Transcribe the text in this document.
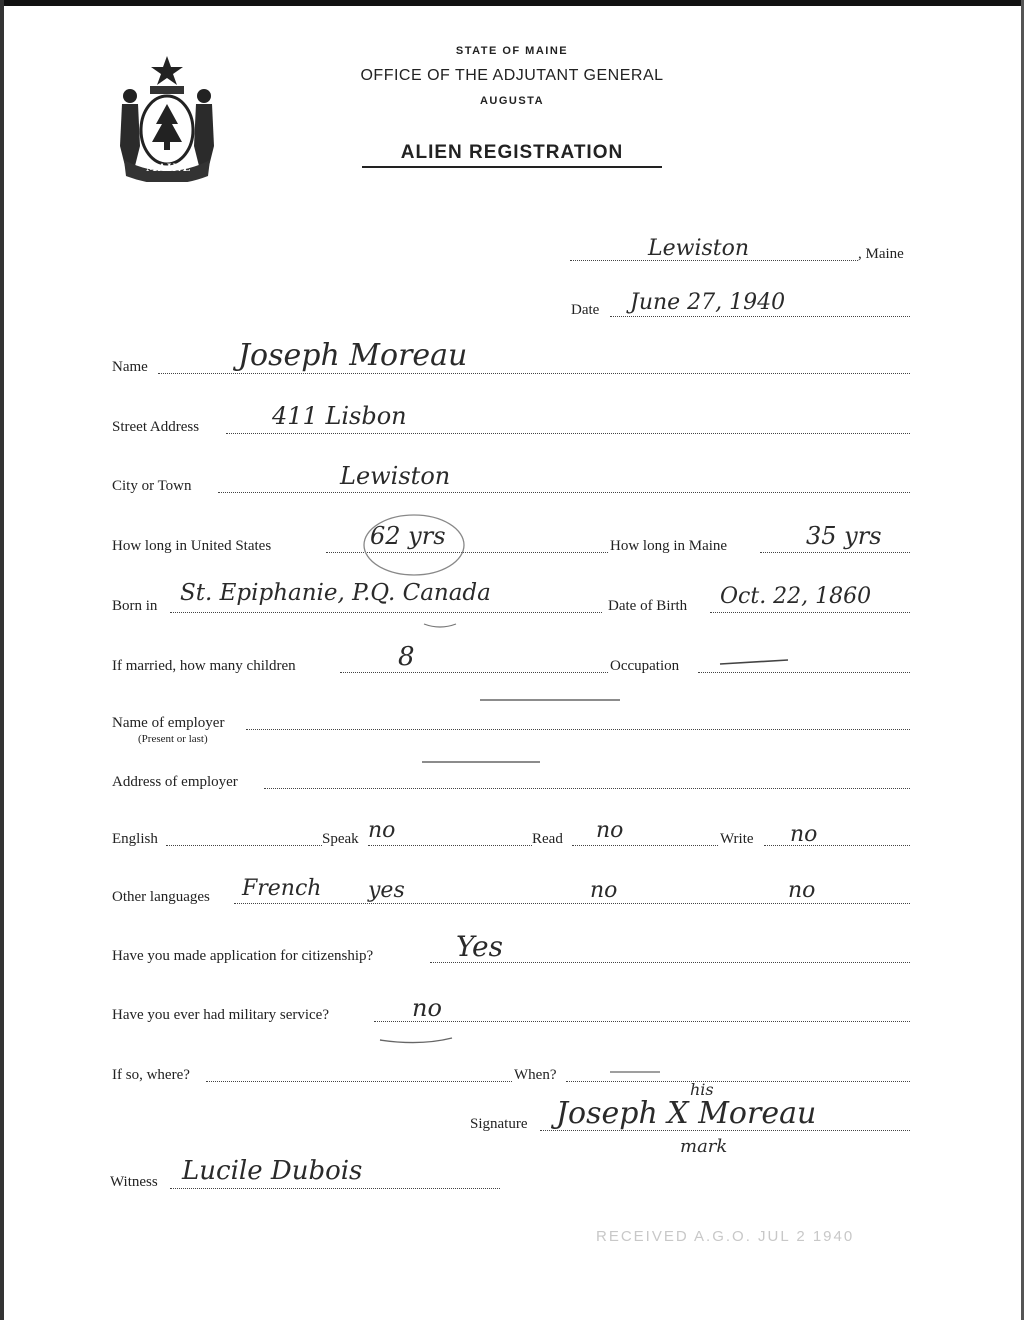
MAINE
STATE OF MAINE
OFFICE OF THE ADJUTANT GENERAL
AUGUSTA
ALIEN REGISTRATION
Lewiston	, Maine
Date June 27, 1940
Name	Joseph Moreau
Street Address	411 Lisbon
City or Town	Lewiston
How long in United States	62 yrs	How long in Maine	35 yrs
Born in St. Epiphanie, P.Q. Canada	Date of Birth Oct. 22, 1860
If married, how many children	8	Occupation
Name of employer
(Present or last)
Address of employer
English	Speak no	Read no	Write no
Other languages French yes	no	no
Have you made application for citizenship?	Yes
Have you ever had military service?	no
If so, where?	When?
Signature Joseph X Moreau
his
mark
Witness Lucile Dubois
RECEIVED A.G.O. JUL 2 1940
